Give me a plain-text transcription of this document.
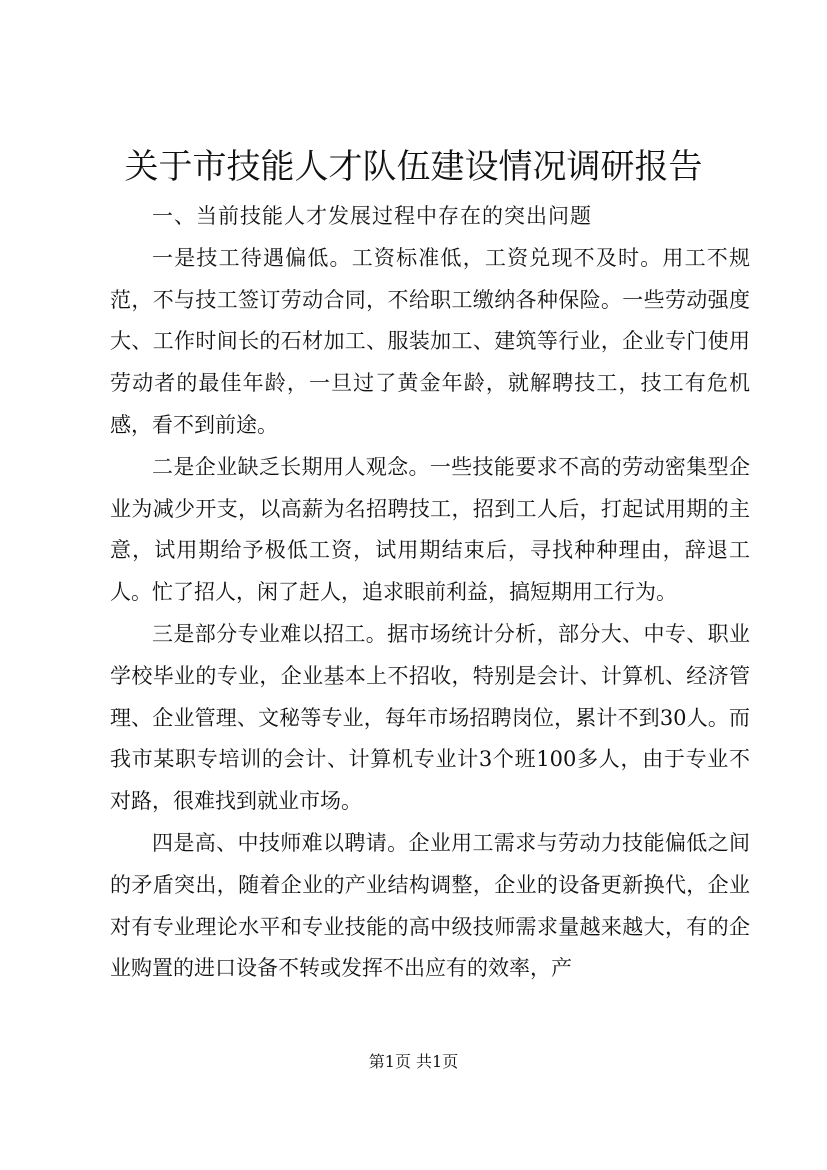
关于市技能人才队伍建设情况调研报告

一、当前技能人才发展过程中存在的突出问题

一是技工待遇偏低。工资标准低，工资兑现不及时。用工不规范，不与技工签订劳动合同，不给职工缴纳各种保险。一些劳动强度大、工作时间长的石材加工、服装加工、建筑等行业，企业专门使用劳动者的最佳年龄，一旦过了黄金年龄，就解聘技工，技工有危机感，看不到前途。

二是企业缺乏长期用人观念。一些技能要求不高的劳动密集型企业为减少开支，以高薪为名招聘技工，招到工人后，打起试用期的主意，试用期给予极低工资，试用期结束后，寻找种种理由，辞退工人。忙了招人，闲了赶人，追求眼前利益，搞短期用工行为。

三是部分专业难以招工。据市场统计分析，部分大、中专、职业学校毕业的专业，企业基本上不招收，特别是会计、计算机、经济管理、企业管理、文秘等专业，每年市场招聘岗位，累计不到30人。而我市某职专培训的会计、计算机专业计3个班100多人，由于专业不对路，很难找到就业市场。

四是高、中技师难以聘请。企业用工需求与劳动力技能偏低之间的矛盾突出，随着企业的产业结构调整，企业的设备更新换代，企业对有专业理论水平和专业技能的高中级技师需求量越来越大，有的企业购置的进口设备不转或发挥不出应有的效率，产

第1页 共1页
